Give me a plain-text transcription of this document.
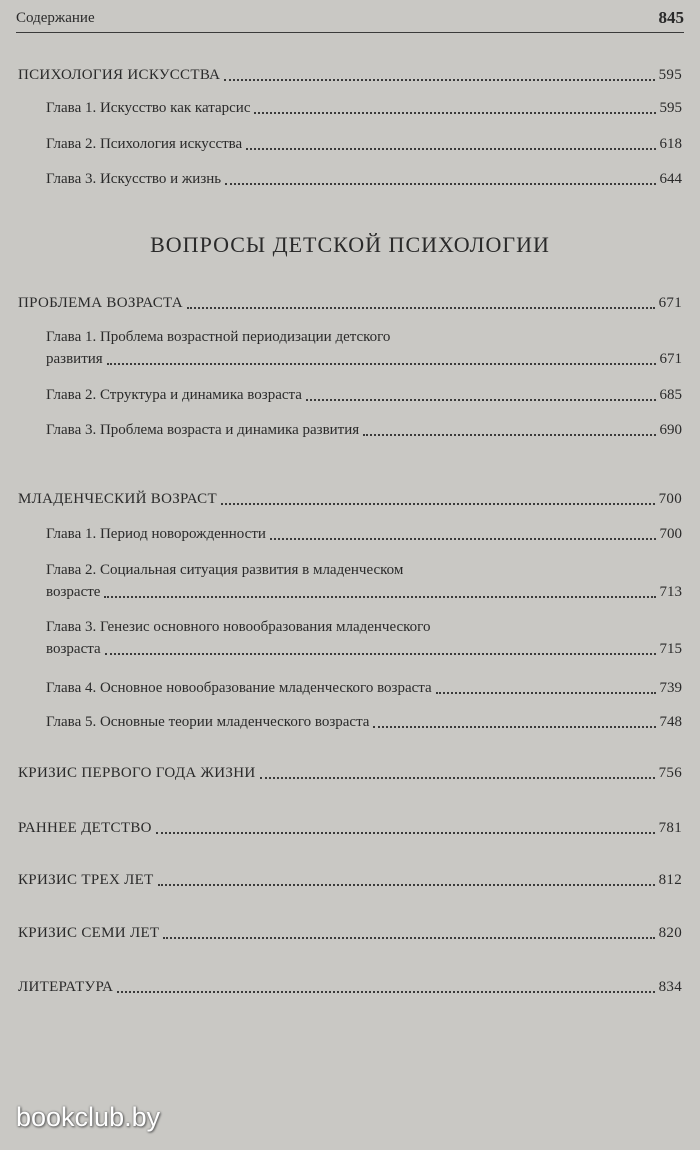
Содержание	845
ПСИХОЛОГИЯ ИСКУССТВА	595
Глава 1. Искусство как катарсис	595
Глава 2. Психология искусства	618
Глава 3. Искусство и жизнь	644
ВОПРОСЫ ДЕТСКОЙ ПСИХОЛОГИИ
ПРОБЛЕМА ВОЗРАСТА	671
Глава 1. Проблема возрастной периодизации детского
развития	671
Глава 2. Структура и динамика возраста	685
Глава 3. Проблема возраста и динамика развития	690
МЛАДЕНЧЕСКИЙ ВОЗРАСТ	700
Глава 1. Период новорожденности	700
Глава 2. Социальная ситуация развития в младенческом
возрасте	713
Глава 3. Генезис основного новообразования младенческого
возраста	715
Глава 4. Основное новообразование младенческого возраста	739
Глава 5. Основные теории младенческого возраста	748
КРИЗИС ПЕРВОГО ГОДА ЖИЗНИ	756
РАННЕЕ ДЕТСТВО	781
КРИЗИС ТРЕХ ЛЕТ	812
КРИЗИС СЕМИ ЛЕТ	820
ЛИТЕРАТУРА	834
bookclub.by
